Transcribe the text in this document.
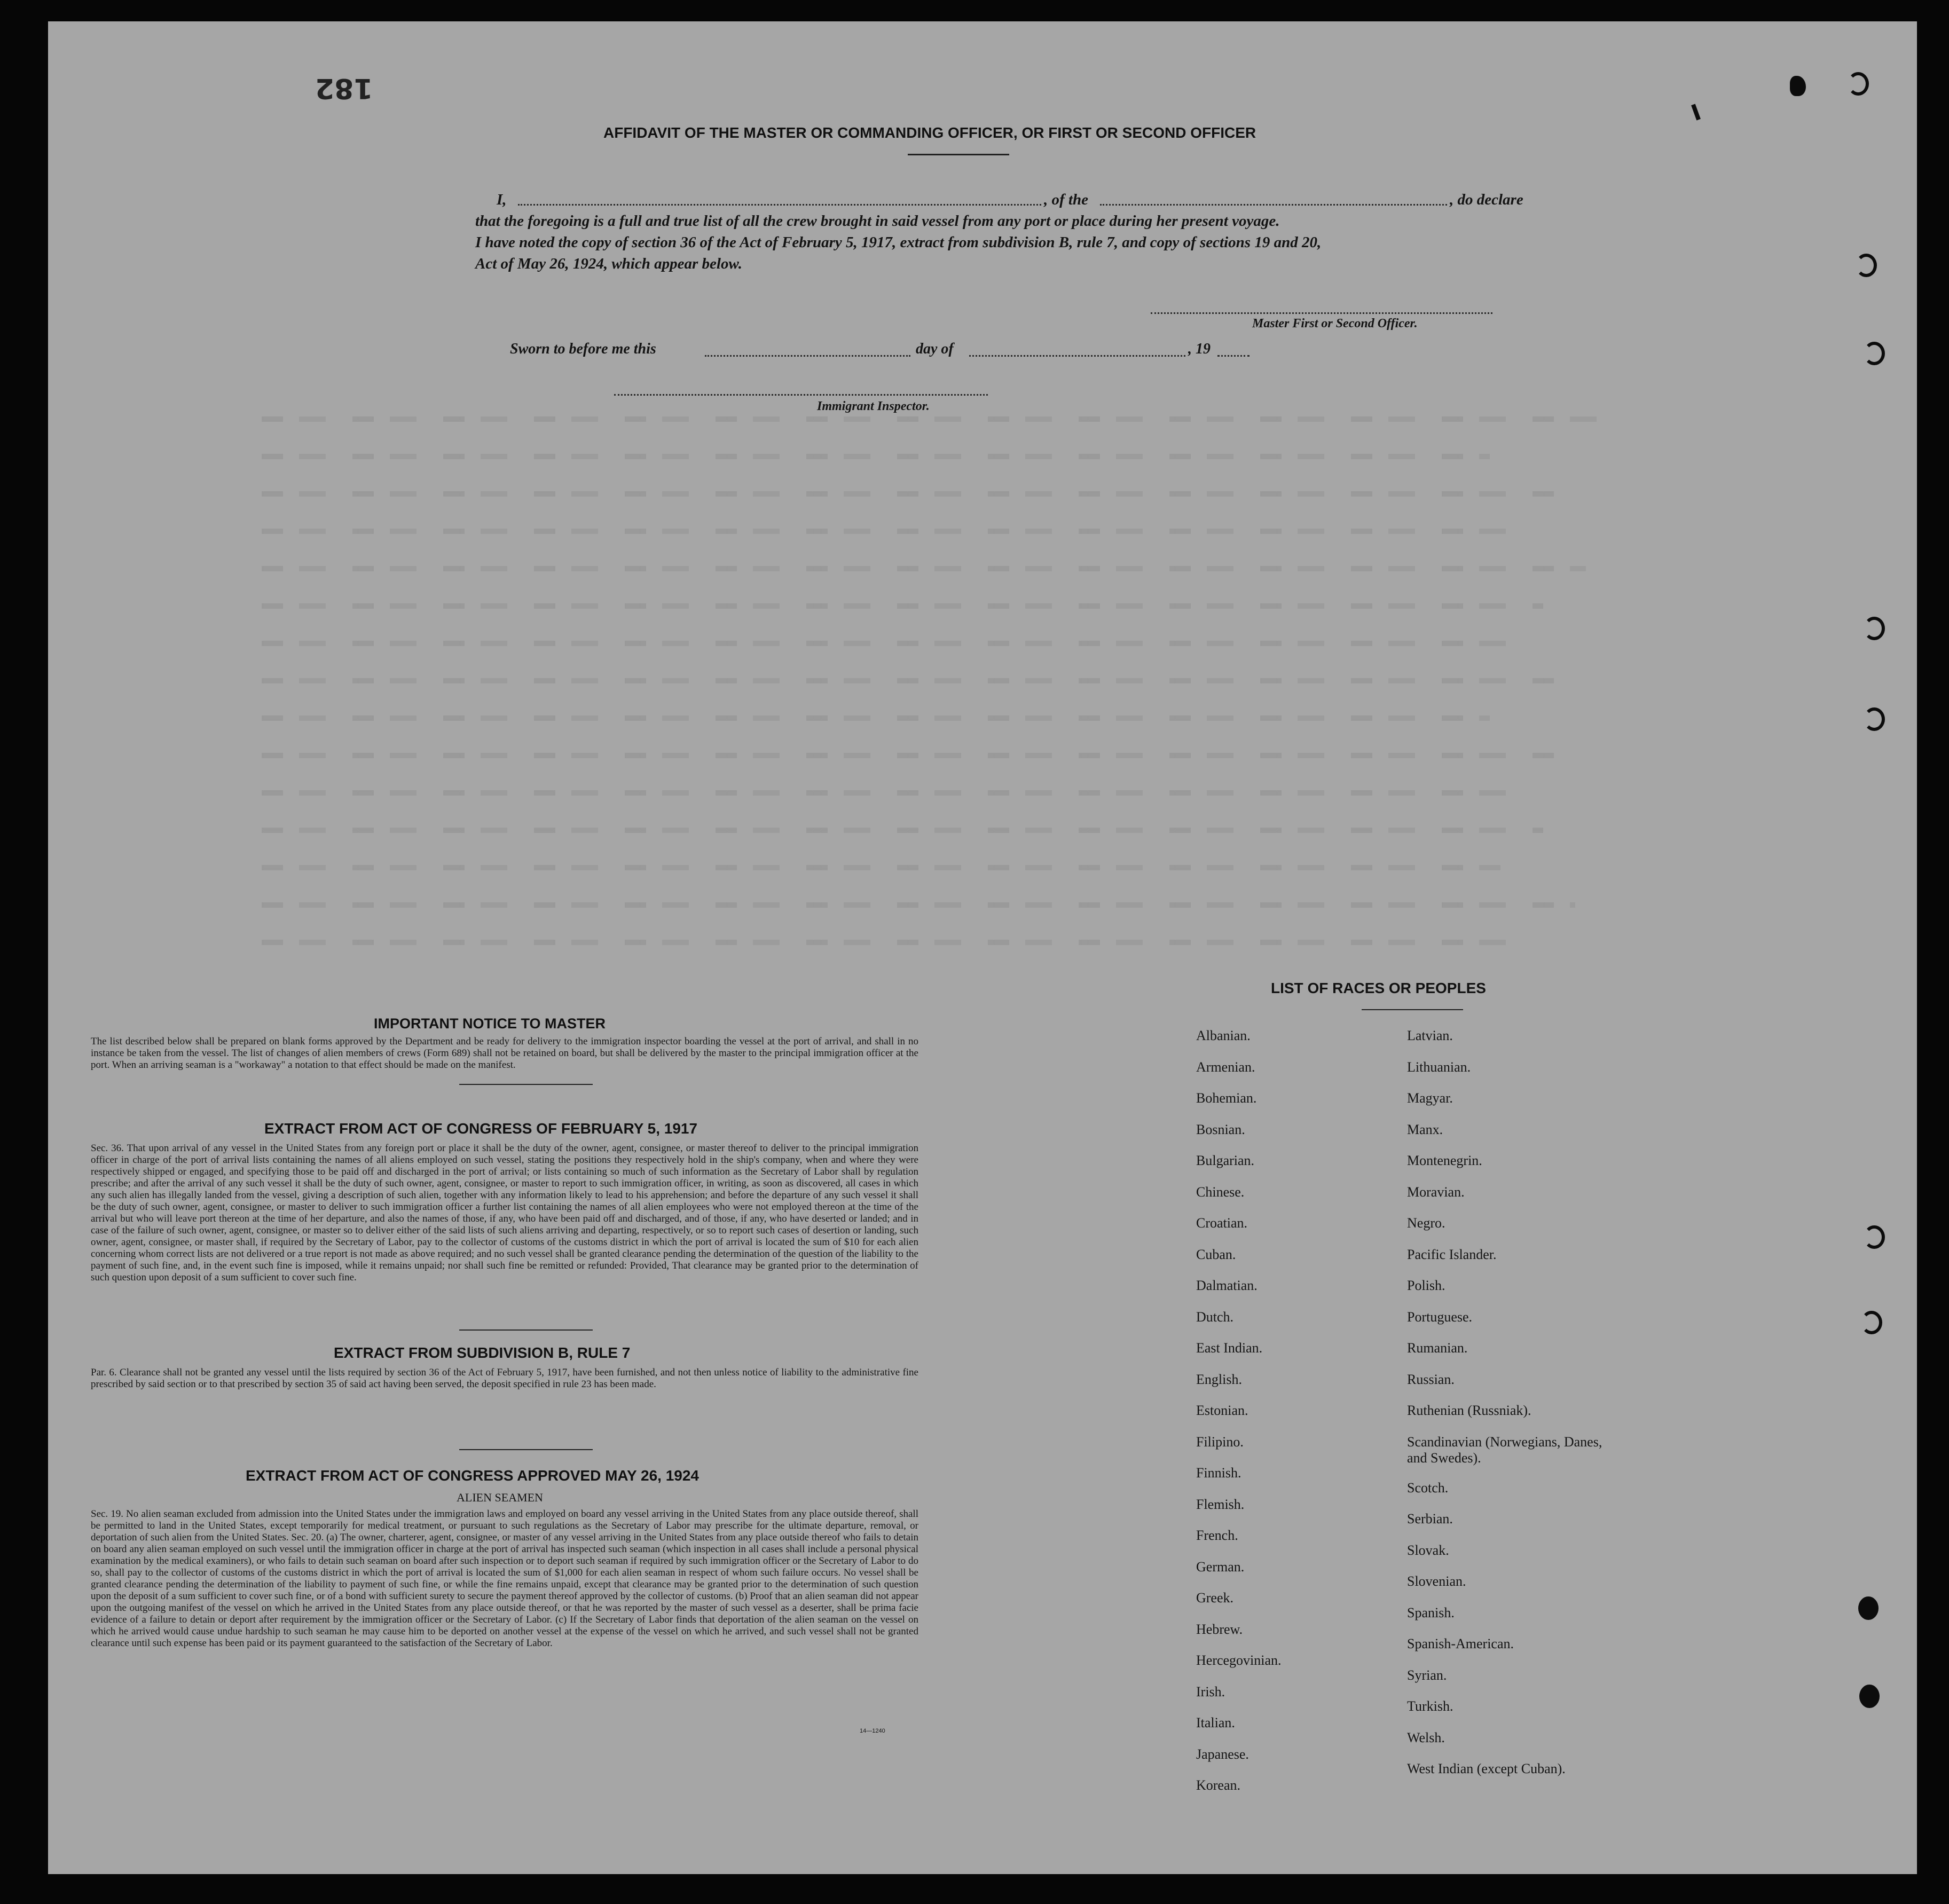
182
AFFIDAVIT OF THE MASTER OR COMMANDING OFFICER, OR FIRST OR SECOND OFFICER
I,	, of the	, do declare
that the foregoing is a full and true list of all the crew brought in said vessel from any port or place during her present voyage.
I have noted the copy of section 36 of the Act of February 5, 1917, extract from subdivision B, rule 7, and copy of sections 19 and 20,
Act of May 26, 1924, which appear below.
Master First or Second Officer.
Sworn to before me this	day of	, 19
Immigrant Inspector.
IMPORTANT NOTICE TO MASTER
The list described below shall be prepared on blank forms approved by the Department and be ready for delivery to the immigration inspector boarding the vessel at the port of arrival, and shall in no instance be taken from the vessel. The list of changes of alien members of crews (Form 689) shall not be retained on board, but shall be delivered by the master to the principal immigration officer at the port. When an arriving seaman is a "workaway" a notation to that effect should be made on the manifest.
EXTRACT FROM ACT OF CONGRESS OF FEBRUARY 5, 1917
Sec. 36. That upon arrival of any vessel in the United States from any foreign port or place it shall be the duty of the owner, agent, consignee, or master thereof to deliver to the principal immigration officer in charge of the port of arrival lists containing the names of all aliens employed on such vessel, stating the positions they respectively hold in the ship's company, when and where they were respectively shipped or engaged, and specifying those to be paid off and discharged in the port of arrival; or lists containing so much of such information as the Secretary of Labor shall by regulation prescribe; and after the arrival of any such vessel it shall be the duty of such owner, agent, consignee, or master to report to such immigration officer, in writing, as soon as discovered, all cases in which any such alien has illegally landed from the vessel, giving a description of such alien, together with any information likely to lead to his apprehension; and before the departure of any such vessel it shall be the duty of such owner, agent, consignee, or master to deliver to such immigration officer a further list containing the names of all alien employees who were not employed thereon at the time of the arrival but who will leave port thereon at the time of her departure, and also the names of those, if any, who have been paid off and discharged, and of those, if any, who have deserted or landed; and in case of the failure of such owner, agent, consignee, or master so to deliver either of the said lists of such aliens arriving and departing, respectively, or so to report such cases of desertion or landing, such owner, agent, consignee, or master shall, if required by the Secretary of Labor, pay to the collector of customs of the customs district in which the port of arrival is located the sum of $10 for each alien concerning whom correct lists are not delivered or a true report is not made as above required; and no such vessel shall be granted clearance pending the determination of the question of the liability to the payment of such fine, and, in the event such fine is imposed, while it remains unpaid; nor shall such fine be remitted or refunded: Provided, That clearance may be granted prior to the determination of such question upon deposit of a sum sufficient to cover such fine.
EXTRACT FROM SUBDIVISION B, RULE 7
Par. 6. Clearance shall not be granted any vessel until the lists required by section 36 of the Act of February 5, 1917, have been furnished, and not then unless notice of liability to the administrative fine prescribed by said section or to that prescribed by section 35 of said act having been served, the deposit specified in rule 23 has been made.
EXTRACT FROM ACT OF CONGRESS APPROVED MAY 26, 1924
ALIEN SEAMEN
Sec. 19. No alien seaman excluded from admission into the United States under the immigration laws and employed on board any vessel arriving in the United States from any place outside thereof, shall be permitted to land in the United States, except temporarily for medical treatment, or pursuant to such regulations as the Secretary of Labor may prescribe for the ultimate departure, removal, or deportation of such alien from the United States. Sec. 20. (a) The owner, charterer, agent, consignee, or master of any vessel arriving in the United States from any place outside thereof who fails to detain on board any alien seaman employed on such vessel until the immigration officer in charge at the port of arrival has inspected such seaman (which inspection in all cases shall include a personal physical examination by the medical examiners), or who fails to detain such seaman on board after such inspection or to deport such seaman if required by such immigration officer or the Secretary of Labor to do so, shall pay to the collector of customs of the customs district in which the port of arrival is located the sum of $1,000 for each alien seaman in respect of whom such failure occurs. No vessel shall be granted clearance pending the determination of the liability to payment of such fine, or while the fine remains unpaid, except that clearance may be granted prior to the determination of such question upon the deposit of a sum sufficient to cover such fine, or of a bond with sufficient surety to secure the payment thereof approved by the collector of customs. (b) Proof that an alien seaman did not appear upon the outgoing manifest of the vessel on which he arrived in the United States from any place outside thereof, or that he was reported by the master of such vessel as a deserter, shall be prima facie evidence of a failure to detain or deport after requirement by the immigration officer or the Secretary of Labor. (c) If the Secretary of Labor finds that deportation of the alien seaman on the vessel on which he arrived would cause undue hardship to such seaman he may cause him to be deported on another vessel at the expense of the vessel on which he arrived, and such vessel shall not be granted clearance until such expense has been paid or its payment guaranteed to the satisfaction of the Secretary of Labor.
14—1240
LIST OF RACES OR PEOPLES
Albanian.
Armenian.
Bohemian.
Bosnian.
Bulgarian.
Chinese.
Croatian.
Cuban.
Dalmatian.
Dutch.
East Indian.
English.
Estonian.
Filipino.
Finnish.
Flemish.
French.
German.
Greek.
Hebrew.
Hercegovinian.
Irish.
Italian.
Japanese.
Korean.
Latvian.
Lithuanian.
Magyar.
Manx.
Montenegrin.
Moravian.
Negro.
Pacific Islander.
Polish.
Portuguese.
Rumanian.
Russian.
Ruthenian (Russniak).
Scandinavian (Norwegians, Danes, and Swedes).
Scotch.
Serbian.
Slovak.
Slovenian.
Spanish.
Spanish-American.
Syrian.
Turkish.
Welsh.
West Indian (except Cuban).
